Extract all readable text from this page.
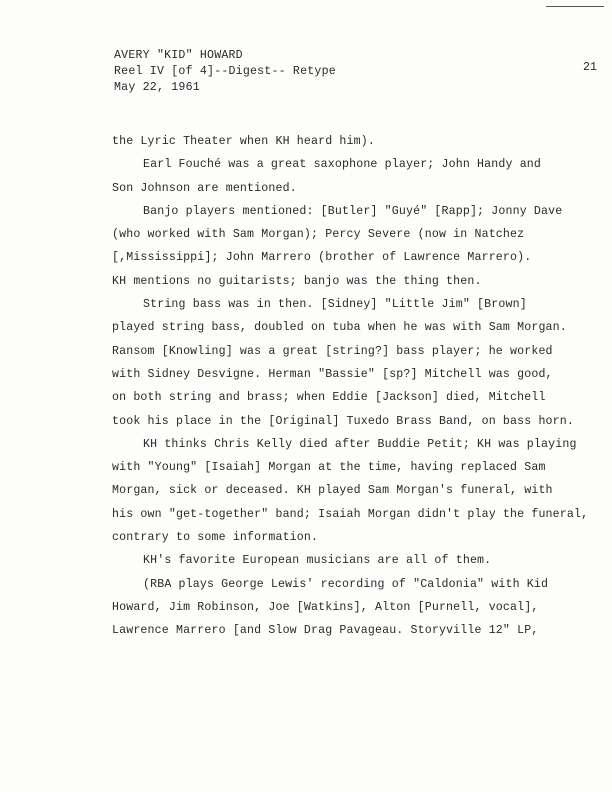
AVERY "KID" HOWARD
Reel IV [of 4]--Digest-- Retype
May 22, 1961
21
the Lyric Theater when KH heard him).
Earl Fouché was a great saxophone player; John Handy and
Son Johnson are mentioned.
Banjo players mentioned: [Butler] "Guyé" [Rapp]; Jonny Dave
(who worked with Sam Morgan); Percy Severe (now in Natchez
[,Mississippi]; John Marrero (brother of Lawrence Marrero).
KH mentions no guitarists; banjo was the thing then.
String bass was in then. [Sidney] "Little Jim" [Brown]
played string bass, doubled on tuba when he was with Sam Morgan.
Ransom [Knowling] was a great [string?] bass player; he worked
with Sidney Desvigne. Herman "Bassie" [sp?] Mitchell was good,
on both string and brass; when Eddie [Jackson] died, Mitchell
took his place in the [Original] Tuxedo Brass Band, on bass horn.
KH thinks Chris Kelly died after Buddie Petit; KH was playing
with "Young" [Isaiah] Morgan at the time, having replaced Sam
Morgan, sick or deceased. KH played Sam Morgan's funeral, with
his own "get-together" band; Isaiah Morgan didn't play the funeral,
contrary to some information.
KH's favorite European musicians are all of them.
(RBA plays George Lewis' recording of "Caldonia" with Kid
Howard, Jim Robinson, Joe [Watkins], Alton [Purnell, vocal],
Lawrence Marrero [and Slow Drag Pavageau. Storyville 12" LP,
